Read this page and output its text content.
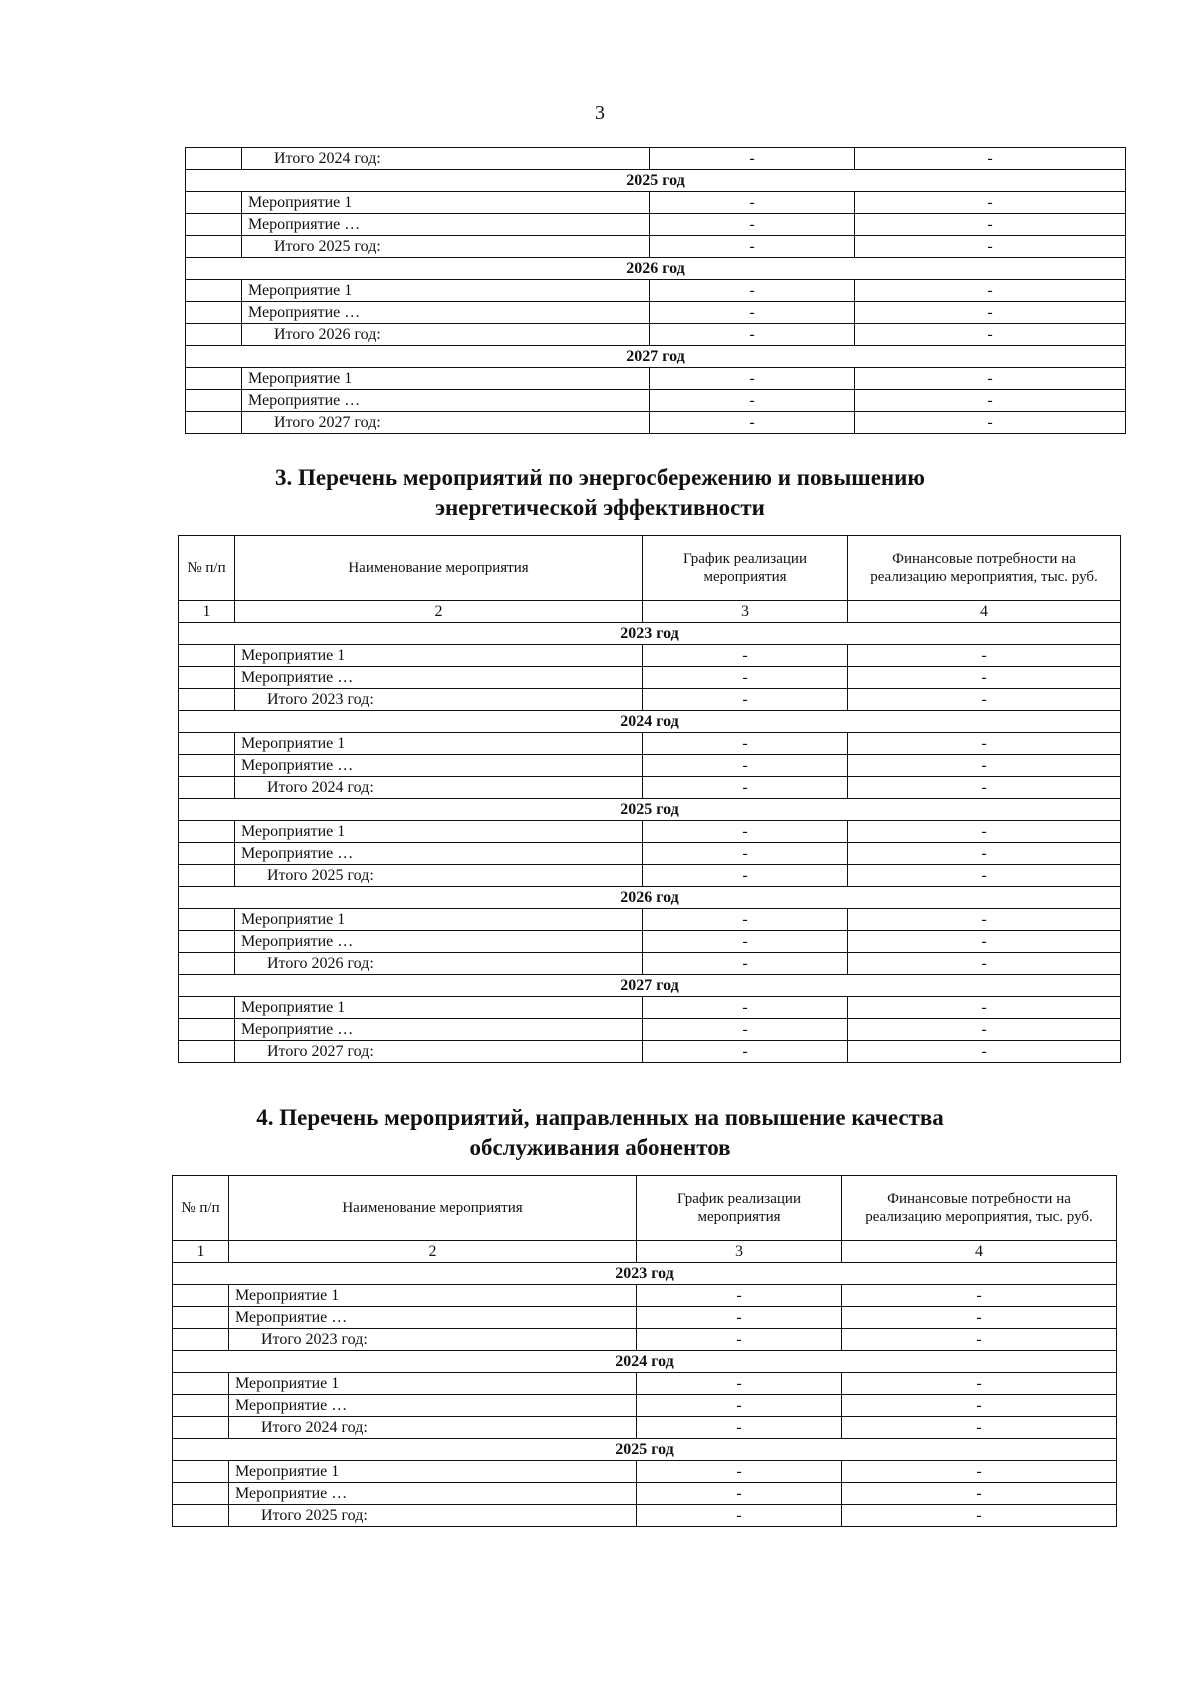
3
	Итого 2024 год:	-	-
2025 год			
	Мероприятие 1	-	-
	Мероприятие …	-	-
	Итого 2025 год:	-	-
2026 год			
	Мероприятие 1	-	-
	Мероприятие …	-	-
	Итого 2026 год:	-	-
2027 год			
	Мероприятие 1	-	-
	Мероприятие …	-	-
	Итого 2027 год:	-	-
3. Перечень мероприятий по энергосбережению и повышению
энергетической эффективности
№ п/п	Наименование мероприятия	График реализации мероприятия	Финансовые потребности на реализацию мероприятия, тыс. руб.
1	2	3	4
2023 год			
	Мероприятие 1	-	-
	Мероприятие …	-	-
	Итого 2023 год:	-	-
2024 год			
	Мероприятие 1	-	-
	Мероприятие …	-	-
	Итого 2024 год:	-	-
2025 год			
	Мероприятие 1	-	-
	Мероприятие …	-	-
	Итого 2025 год:	-	-
2026 год			
	Мероприятие 1	-	-
	Мероприятие …	-	-
	Итого 2026 год:	-	-
2027 год			
	Мероприятие 1	-	-
	Мероприятие …	-	-
	Итого 2027 год:	-	-
4. Перечень мероприятий, направленных на повышение качества
обслуживания абонентов
№ п/п	Наименование мероприятия	График реализации мероприятия	Финансовые потребности на реализацию мероприятия, тыс. руб.
1	2	3	4
2023 год			
	Мероприятие 1	-	-
	Мероприятие …	-	-
	Итого 2023 год:	-	-
2024 год			
	Мероприятие 1	-	-
	Мероприятие …	-	-
	Итого 2024 год:	-	-
2025 год			
	Мероприятие 1	-	-
	Мероприятие …	-	-
	Итого 2025 год:	-	-
